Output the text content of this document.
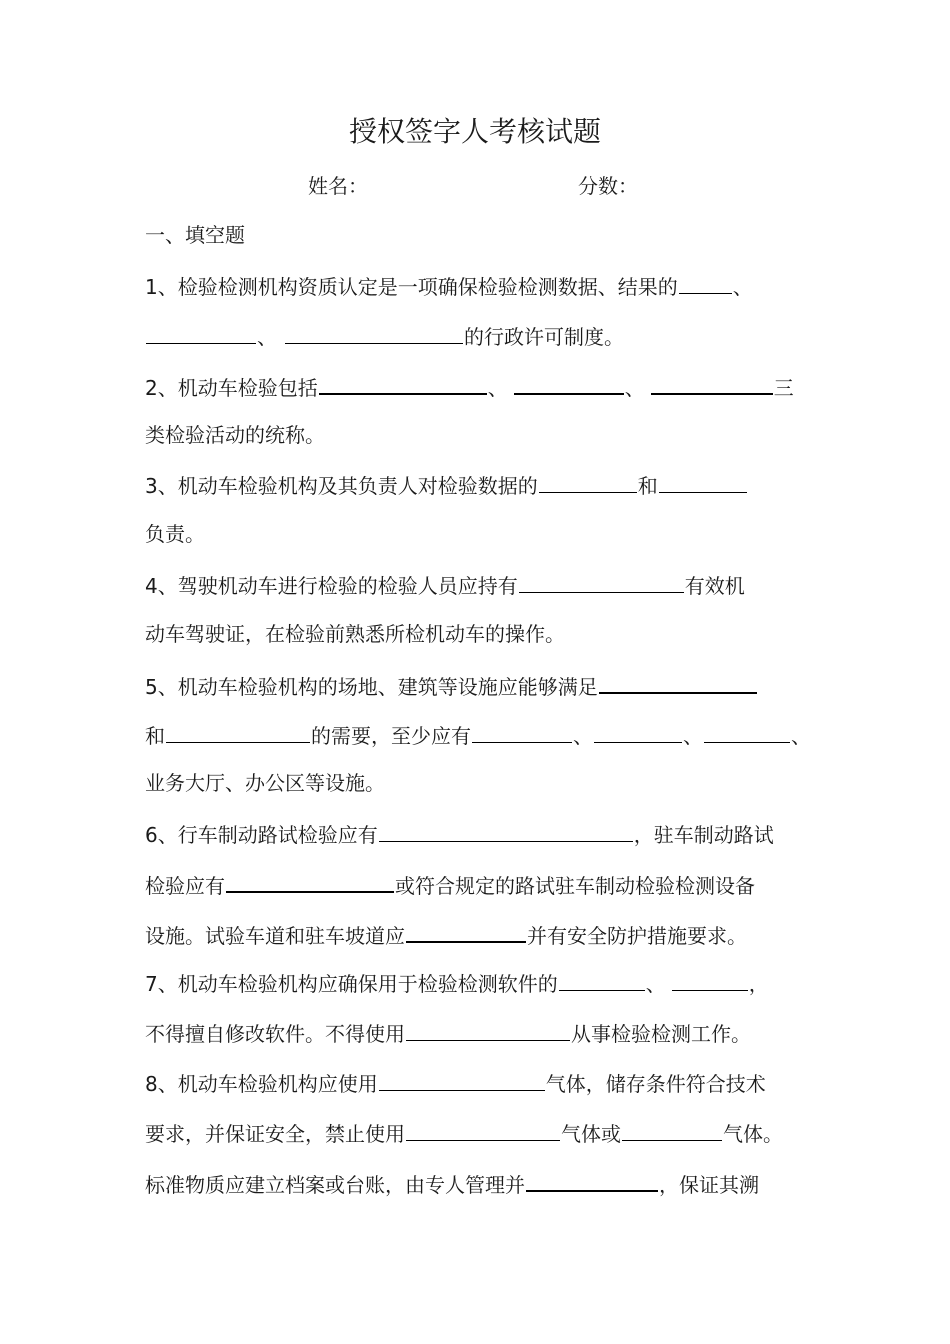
授权签字人考核试题
姓名：	分数：
一、填空题
1、检验检测机构资质认定是一项确保检验检测数据、结果的	、
、	的行政许可制度。
2、机动车检验包括	、	、	三
类检验活动的统称。
3、机动车检验机构及其负责人对检验数据的	和
负责。
4、驾驶机动车进行检验的检验人员应持有	有效机
动车驾驶证，在检验前熟悉所检机动车的操作。
5、机动车检验机构的场地、建筑等设施应能够满足
和	的需要，至少应有	、	、	、
业务大厅、办公区等设施。
6、行车制动路试检验应有	，驻车制动路试
检验应有	或符合规定的路试驻车制动检验检测设备
设施。试验车道和驻车坡道应	并有安全防护措施要求。
7、机动车检验机构应确保用于检验检测软件的	、	，
不得擅自修改软件。不得使用	从事检验检测工作。
8、机动车检验机构应使用	气体，储存条件符合技术
要求，并保证安全，禁止使用	气体或	气体。
标准物质应建立档案或台账，由专人管理并	，保证其溯
